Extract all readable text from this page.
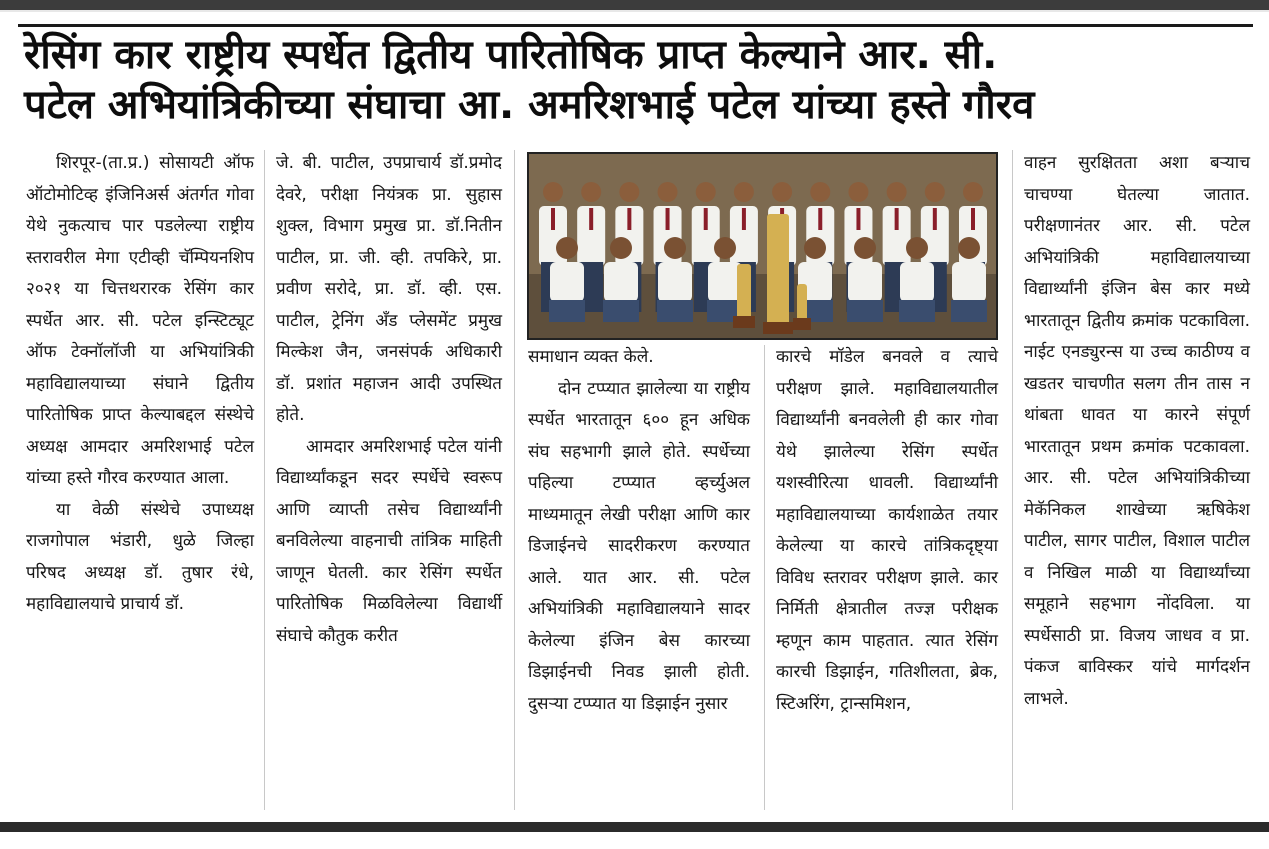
रेसिंग कार राष्ट्रीय स्पर्धेत द्वितीय पारितोषिक प्राप्त केल्याने आर. सी.
पटेल अभियांत्रिकीच्या संघाचा आ. अमरिशभाई पटेल यांच्या हस्ते गौरव

शिरपूर-(ता.प्र.) सोसायटी ऑफ ऑटोमोटिव्ह इंजिनिअर्स अंतर्गत गोवा येथे नुकत्याच पार पडलेल्या राष्ट्रीय स्तरावरील मेगा एटीव्ही चॅम्पियनशिप २०२१ या चित्तथरारक रेसिंग कार स्पर्धेत आर. सी. पटेल इन्स्टिट्यूट ऑफ टेक्नॉलॉजी या अभियांत्रिकी महाविद्यालयाच्या संघाने द्वितीय पारितोषिक प्राप्त केल्याबद्दल संस्थेचे अध्यक्ष आमदार अमरिशभाई पटेल यांच्या हस्ते गौरव करण्यात आला.

या वेळी संस्थेचे उपाध्यक्ष राजगोपाल भंडारी, धुळे जिल्हा परिषद अध्यक्ष डॉ. तुषार रंधे, महाविद्यालयाचे प्राचार्य डॉ.

जे. बी. पाटील, उपप्राचार्य डॉ.प्रमोद देवरे, परीक्षा नियंत्रक प्रा. सुहास शुक्ल, विभाग प्रमुख प्रा. डॉ.नितीन पाटील, प्रा. जी. व्ही. तपकिरे, प्रा. प्रवीण सरोदे, प्रा. डॉ. व्ही. एस. पाटील, ट्रेनिंग अँड प्लेसमेंट प्रमुख मिल्केश जैन, जनसंपर्क अधिकारी डॉ. प्रशांत महाजन आदी उपस्थित होते.

आमदार अमरिशभाई पटेल यांनी विद्यार्थ्यांकडून सदर स्पर्धेचे स्वरूप आणि व्याप्ती तसेच विद्यार्थ्यांनी बनविलेल्या वाहनाची तांत्रिक माहिती जाणून घेतली. कार रेसिंग स्पर्धेत पारितोषिक मिळविलेल्या विद्यार्थी संघाचे कौतुक करीत

समाधान व्यक्त केले.

दोन टप्प्यात झालेल्या या राष्ट्रीय स्पर्धेत भारतातून ६०० हून अधिक संघ सहभागी झाले होते. स्पर्धेच्या पहिल्या टप्प्यात व्हर्च्युअल माध्यमातून लेखी परीक्षा आणि कार डिजाईनचे सादरीकरण करण्यात आले. यात आर. सी. पटेल अभियांत्रिकी महाविद्यालयाने सादर केलेल्या इंजिन बेस कारच्या डिझाईनची निवड झाली होती. दुसऱ्या टप्प्यात या डिझाईन नुसार

कारचे मॉडेल बनवले व त्याचे परीक्षण झाले. महाविद्यालयातील विद्यार्थ्यांनी बनवलेली ही कार गोवा येथे झालेल्या रेसिंग स्पर्धेत यशस्वीरित्या धावली. विद्यार्थ्यांनी महाविद्यालयाच्या कार्यशाळेत तयार केलेल्या या कारचे तांत्रिकदृष्ट्या विविध स्तरावर परीक्षण झाले. कार निर्मिती क्षेत्रातील तज्ज्ञ परीक्षक म्हणून काम पाहतात. त्यात रेसिंग कारची डिझाईन, गतिशीलता, ब्रेक, स्टिअरिंग, ट्रान्समिशन,

वाहन सुरक्षितता अशा बऱ्याच चाचण्या घेतल्या जातात. परीक्षणानंतर आर. सी. पटेल अभियांत्रिकी महाविद्यालयाच्या विद्यार्थ्यांनी इंजिन बेस कार मध्ये भारतातून द्वितीय क्रमांक पटकाविला. नाईट एनड्युरन्स या उच्च काठीण्य व खडतर चाचणीत सलग तीन तास न थांबता धावत या कारने संपूर्ण भारतातून प्रथम क्रमांक पटकावला. आर. सी. पटेल अभियांत्रिकीच्या मेकॅनिकल शाखेच्या ऋषिकेश पाटील, सागर पाटील, विशाल पाटील व निखिल माळी या विद्यार्थ्यांच्या समूहाने सहभाग नोंदविला. या स्पर्धेसाठी प्रा. विजय जाधव व प्रा. पंकज बाविस्कर यांचे मार्गदर्शन लाभले.
